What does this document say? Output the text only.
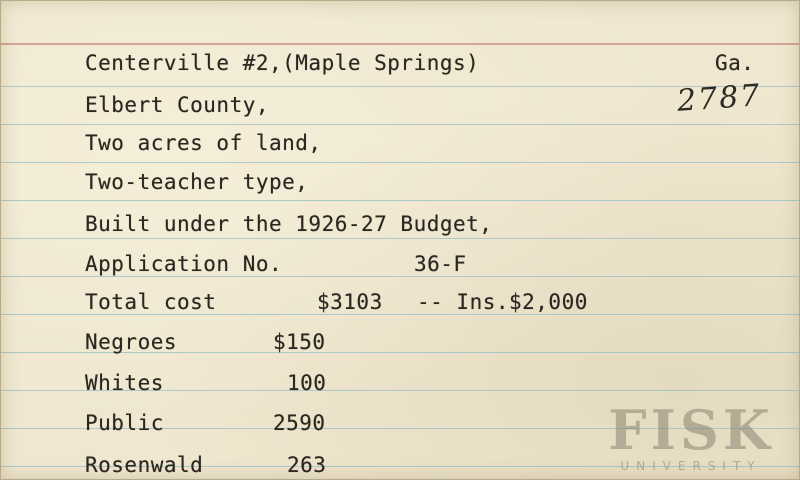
Centerville #2,(Maple Springs)	Ga.
2787
Elbert County,
Two acres of land,
Two-teacher type,
Built under the 1926-27 Budget,
Application No.	36-F
Total cost	$3103 -- Ins.$2,000
Negroes	$150
Whites	100
Public	2590
Rosenwald	263
FISK
UNIVERSITY
